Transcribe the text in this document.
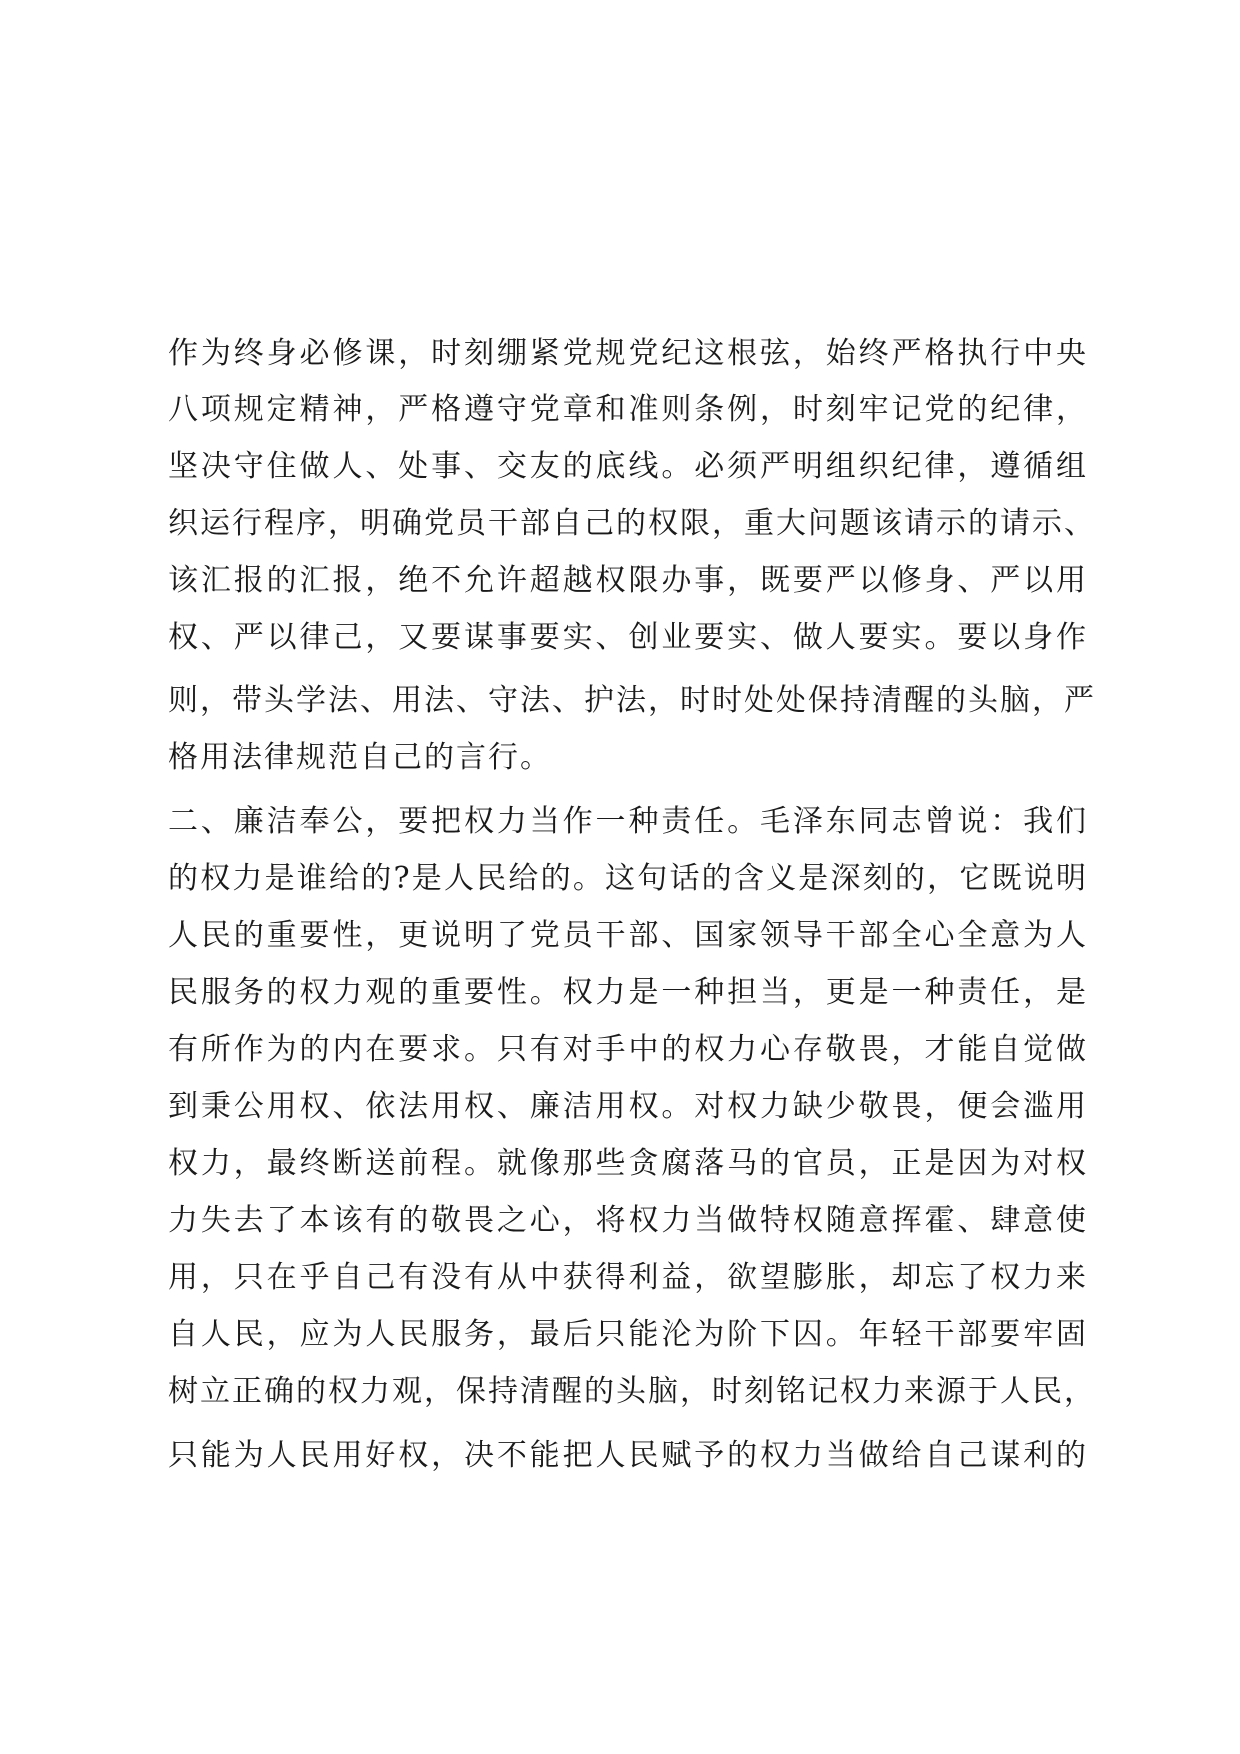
作为终身必修课，时刻绷紧党规党纪这根弦，始终严格执行中央
八项规定精神，严格遵守党章和准则条例，时刻牢记党的纪律，
坚决守住做人、处事、交友的底线。必须严明组织纪律，遵循组
织运行程序，明确党员干部自己的权限，重大问题该请示的请示、
该汇报的汇报，绝不允许超越权限办事，既要严以修身、严以用
权、严以律己，又要谋事要实、创业要实、做人要实。要以身作
则，带头学法、用法、守法、护法，时时处处保持清醒的头脑，严
格用法律规范自己的言行。
二、廉洁奉公，要把权力当作一种责任。毛泽东同志曾说：我们
的权力是谁给的?是人民给的。这句话的含义是深刻的，它既说明
人民的重要性，更说明了党员干部、国家领导干部全心全意为人
民服务的权力观的重要性。权力是一种担当，更是一种责任，是
有所作为的内在要求。只有对手中的权力心存敬畏，才能自觉做
到秉公用权、依法用权、廉洁用权。对权力缺少敬畏，便会滥用
权力，最终断送前程。就像那些贪腐落马的官员，正是因为对权
力失去了本该有的敬畏之心，将权力当做特权随意挥霍、肆意使
用，只在乎自己有没有从中获得利益，欲望膨胀，却忘了权力来
自人民，应为人民服务，最后只能沦为阶下囚。年轻干部要牢固
树立正确的权力观，保持清醒的头脑，时刻铭记权力来源于人民，
只能为人民用好权，决不能把人民赋予的权力当做给自己谋利的
